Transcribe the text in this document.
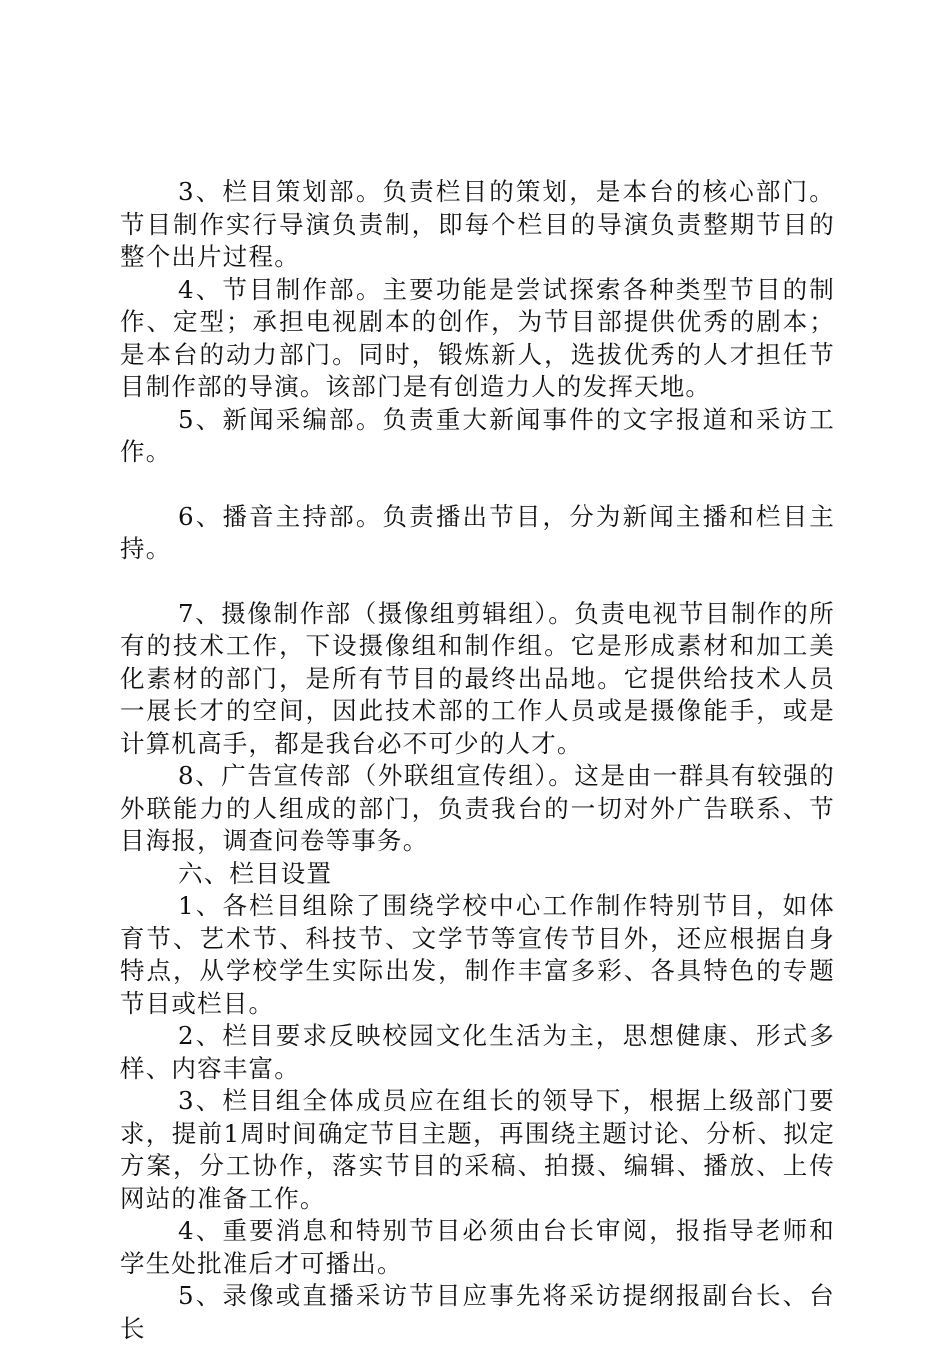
3、栏目策划部。负责栏目的策划，是本台的核心部门。节目制作实行导演负责制，即每个栏目的导演负责整期节目的整个出片过程。

4、节目制作部。主要功能是尝试探索各种类型节目的制作、定型；承担电视剧本的创作，为节目部提供优秀的剧本；是本台的动力部门。同时，锻炼新人，选拔优秀的人才担任节目制作部的导演。该部门是有创造力人的发挥天地。

5、新闻采编部。负责重大新闻事件的文字报道和采访工作。

6、播音主持部。负责播出节目，分为新闻主播和栏目主持。

7、摄像制作部（摄像组剪辑组）。负责电视节目制作的所有的技术工作，下设摄像组和制作组。它是形成素材和加工美化素材的部门，是所有节目的最终出品地。它提供给技术人员一展长才的空间，因此技术部的工作人员或是摄像能手，或是计算机高手，都是我台必不可少的人才。

8、广告宣传部（外联组宣传组）。这是由一群具有较强的外联能力的人组成的部门，负责我台的一切对外广告联系、节目海报，调查问卷等事务。

六、栏目设置

1、各栏目组除了围绕学校中心工作制作特别节目，如体育节、艺术节、科技节、文学节等宣传节目外，还应根据自身特点，从学校学生实际出发，制作丰富多彩、各具特色的专题节目或栏目。

2、栏目要求反映校园文化生活为主，思想健康、形式多样、内容丰富。

3、栏目组全体成员应在组长的领导下，根据上级部门要求，提前1周时间确定节目主题，再围绕主题讨论、分析、拟定方案，分工协作，落实节目的采稿、拍摄、编辑、播放、上传网站的准备工作。

4、重要消息和特别节目必须由台长审阅，报指导老师和学生处批准后才可播出。

5、录像或直播采访节目应事先将采访提纲报副台长、台长
